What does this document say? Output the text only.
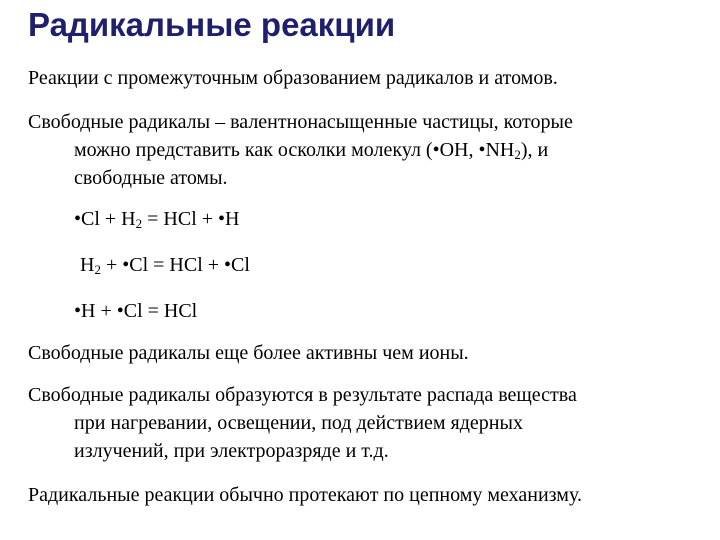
Радикальные реакции
Реакции с промежуточным образованием радикалов и атомов.
Свободные радикалы – валентнонасыщенные частицы, которые
можно представить как осколки молекул (•OH, $•NH_2$), и
свободные атомы.
•Cl + $H_2$ = HCl + •H
$H_2$ + •Cl = HCl + •Cl
•H + •Cl = HCl
Свободные радикалы еще более активны чем ионы.
Свободные радикалы образуются в результате распада вещества
при нагревании, освещении, под действием ядерных
излучений, при электроразряде и т.д.
Радикальные реакции обычно протекают по цепному механизму.
